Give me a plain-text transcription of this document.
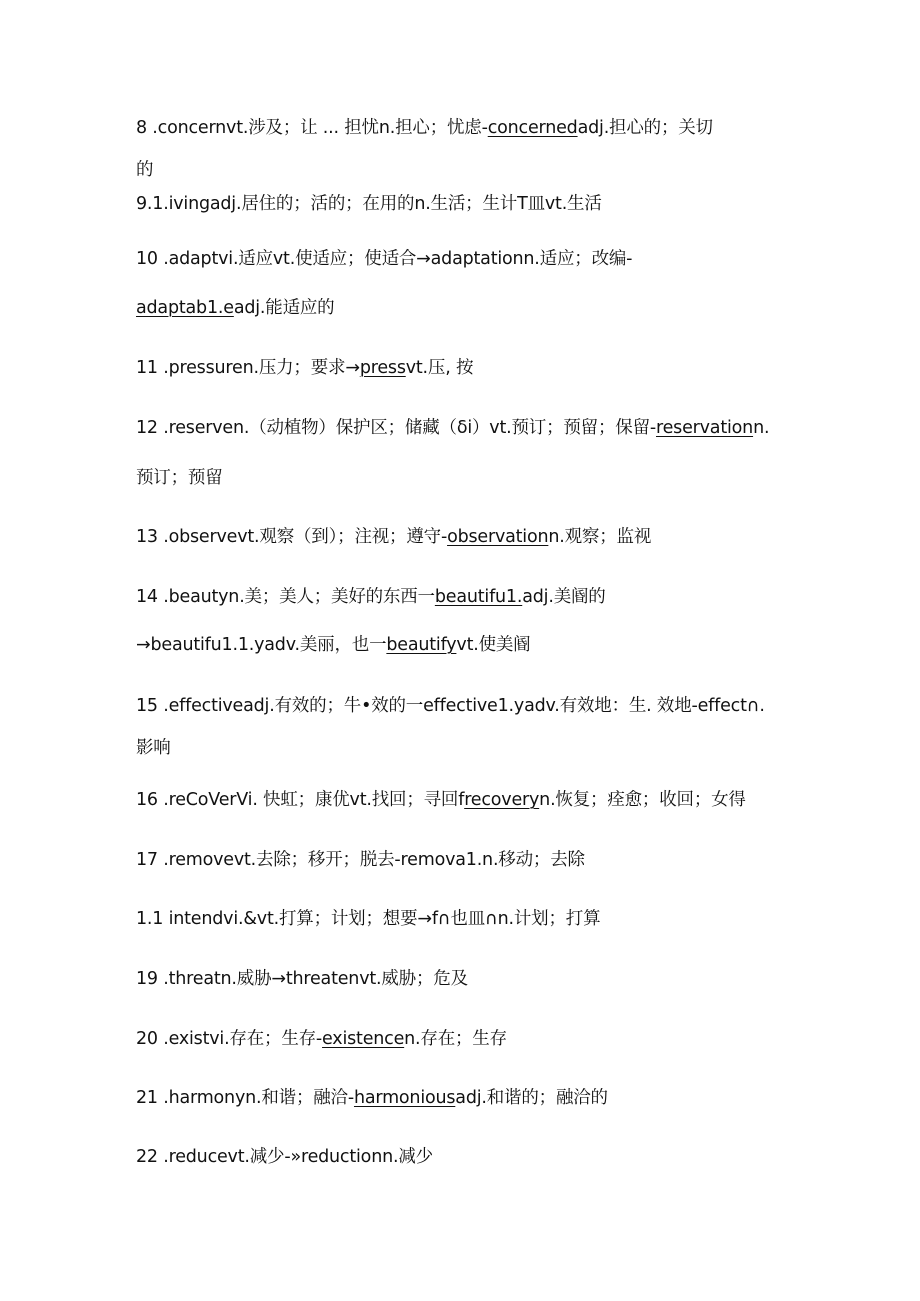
8 .concernvt.涉及；让 ... 担忧n.担心；忧虑-concernedadj.担心的；关切
的
9.1.ivingadj.居住的；活的；在用的n.生活；生计T皿vt.生活
10 .adaptvi.适应vt.使适应；使适合→adaptationn.适应；改编-
adaptab1.eadj.能适应的
11 .pressuren.压力；要求→pressvt.压, 按
12 .reserven.（动植物）保护区；储藏（δi）vt.预订；预留；保留-reservationn.
预订；预留
13 .observevt.观察（到）；注视；遵守-observationn.观察；监视
14 .beautyn.美；美人；美好的东西一beautifu1.adj.美阍的
→beautifu1.1.yadv.美丽，也一beautifyvt.使美阍
15 .effectiveadj.有效的；牛•效的一effective1.yadv.有效地：生. 效地-effect∩.
影响
16 .reCoVerVi. 快虹；康优vt.找回；寻回frecoveryn.恢复；痊愈；收回；女得
17 .removevt.去除；移开；脱去-remova1.n.移动；去除
1.1 intendvi.&vt.打算；计划；想要→f∩也皿∩n.计划；打算
19 .threatn.威胁→threatenvt.威胁；危及
20 .existvi.存在；生存-existencen.存在；生存
21 .harmonyn.和谐；融洽-harmoniousadj.和谐的；融洽的
22 .reducevt.减少-»reductionn.减少
